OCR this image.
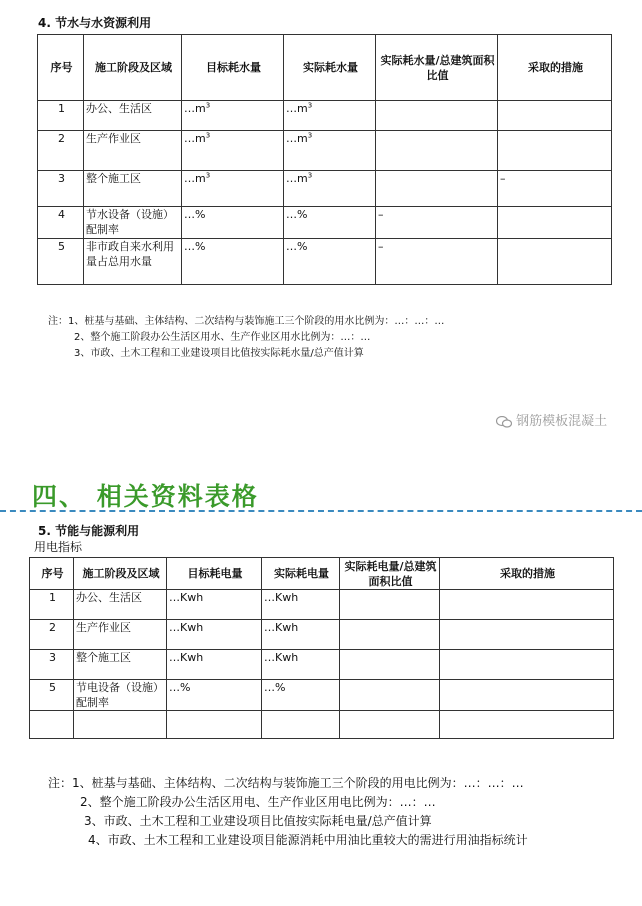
4. 节水与水资源利用
序号	施工阶段及区域	目标耗水量	实际耗水量	实际耗水量/总建筑面积比值	采取的措施
1	办公、生活区	$\dots m^3$	$\dots m^3$		
2	生产作业区	$\dots m^3$	$\dots m^3$		
3	整个施工区	$\dots m^3$	$\dots m^3$		–
4	节水设备（设施）配制率	…%	…%	–	
5	非市政自来水利用量占总用水量	…%	…%	–	
注：1、桩基与基础、主体结构、二次结构与装饰施工三个阶段的用水比例为：…：…：…
2、整个施工阶段办公生活区用水、生产作业区用水比例为：…：…
3、市政、土木工程和工业建设项目比值按实际耗水量/总产值计算
钢筋模板混凝土
四、 相关资料表格
5. 节能与能源利用
用电指标
序号	施工阶段及区域	目标耗电量	实际耗电量	实际耗电量/总建筑面积比值	采取的措施
1	办公、生活区	…Kwh	…Kwh		
2	生产作业区	…Kwh	…Kwh		
3	整个施工区	…Kwh	…Kwh		
5	节电设备（设施）配制率	…%	…%		

注：1、桩基与基础、主体结构、二次结构与装饰施工三个阶段的用电比例为：…：…：…
2、整个施工阶段办公生活区用电、生产作业区用电比例为：…：…
3、市政、土木工程和工业建设项目比值按实际耗电量/总产值计算
4、市政、土木工程和工业建设项目能源消耗中用油比重较大的需进行用油指标统计
